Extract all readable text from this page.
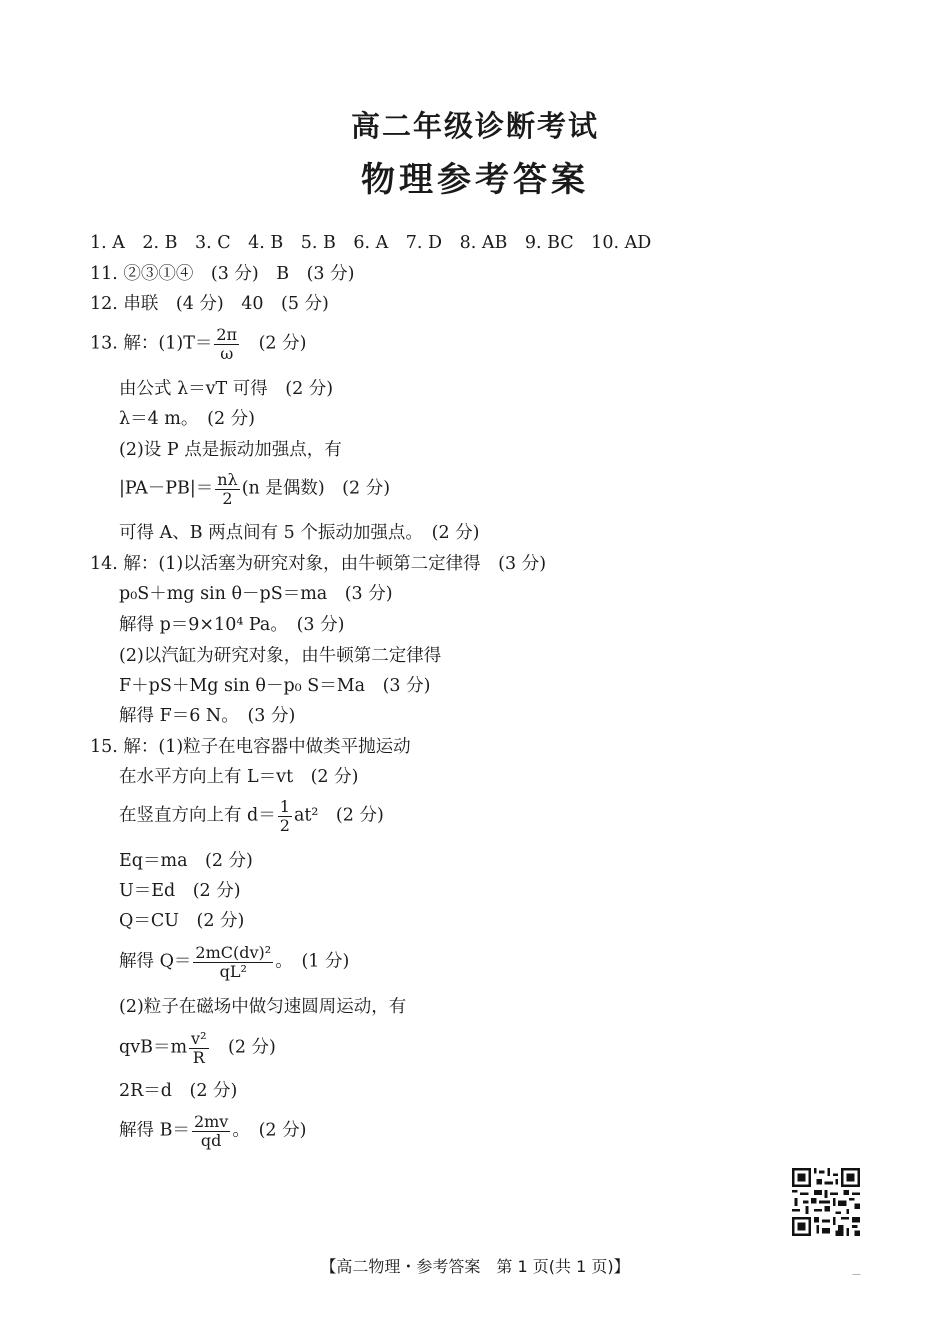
高二年级诊断考试
物理参考答案
1. A　2. B　3. C　4. B　5. B　6. A　7. D　8. AB　9. BC　10. AD
11. ②③①④　(3 分)　B　(3 分)
12. 串联　(4 分)　40　(5 分)
13. 解：$(1)T= \frac{2\pi}{\omega}$
　 (2 分)
由公式 λ＝vT 可得　(2 分)
λ＝4 m。　(2 分)
(2)设 P 点是振动加强点，有
$|PA-PB|= \frac{n\lambda}{2} (n$ 是偶数)　(2 分)
可得 A、B 两点间有 5 个振动加强点。　(2 分)
14. 解：(1)以活塞为研究对象，由牛顿第二定律得　(3 分)
p₀S＋mg sin θ－pS＝ma　(3 分)
解得 p＝9×10⁴ Pa。　(3 分)
(2)以汽缸为研究对象，由牛顿第二定律得
F＋pS＋Mg sin θ－p₀ S＝Ma　(3 分)
解得 F＝6 N。　(3 分)
15. 解：(1)粒子在电容器中做类平抛运动
在水平方向上有 L＝vt　(2 分)
在竖直方向上有 $d= \frac{1}{2} at^2$　(2 分)
Eq＝ma　(2 分)
U＝Ed　(2 分)
Q＝CU　(2 分)
解得 $Q= \frac{\text{2mC(dv)²}}{\text{qL²}}$ 。　(1 分)
(2)粒子在磁场中做匀速圆周运动，有
$qvB=m \frac{\text{v²}}{R}$
　 (2 分)
2R＝d　(2 分)
解得 $B= \frac{2mv}{qd}$ 。　(2 分)
【高二物理・参考答案　第 1 页(共 1 页)】	—
